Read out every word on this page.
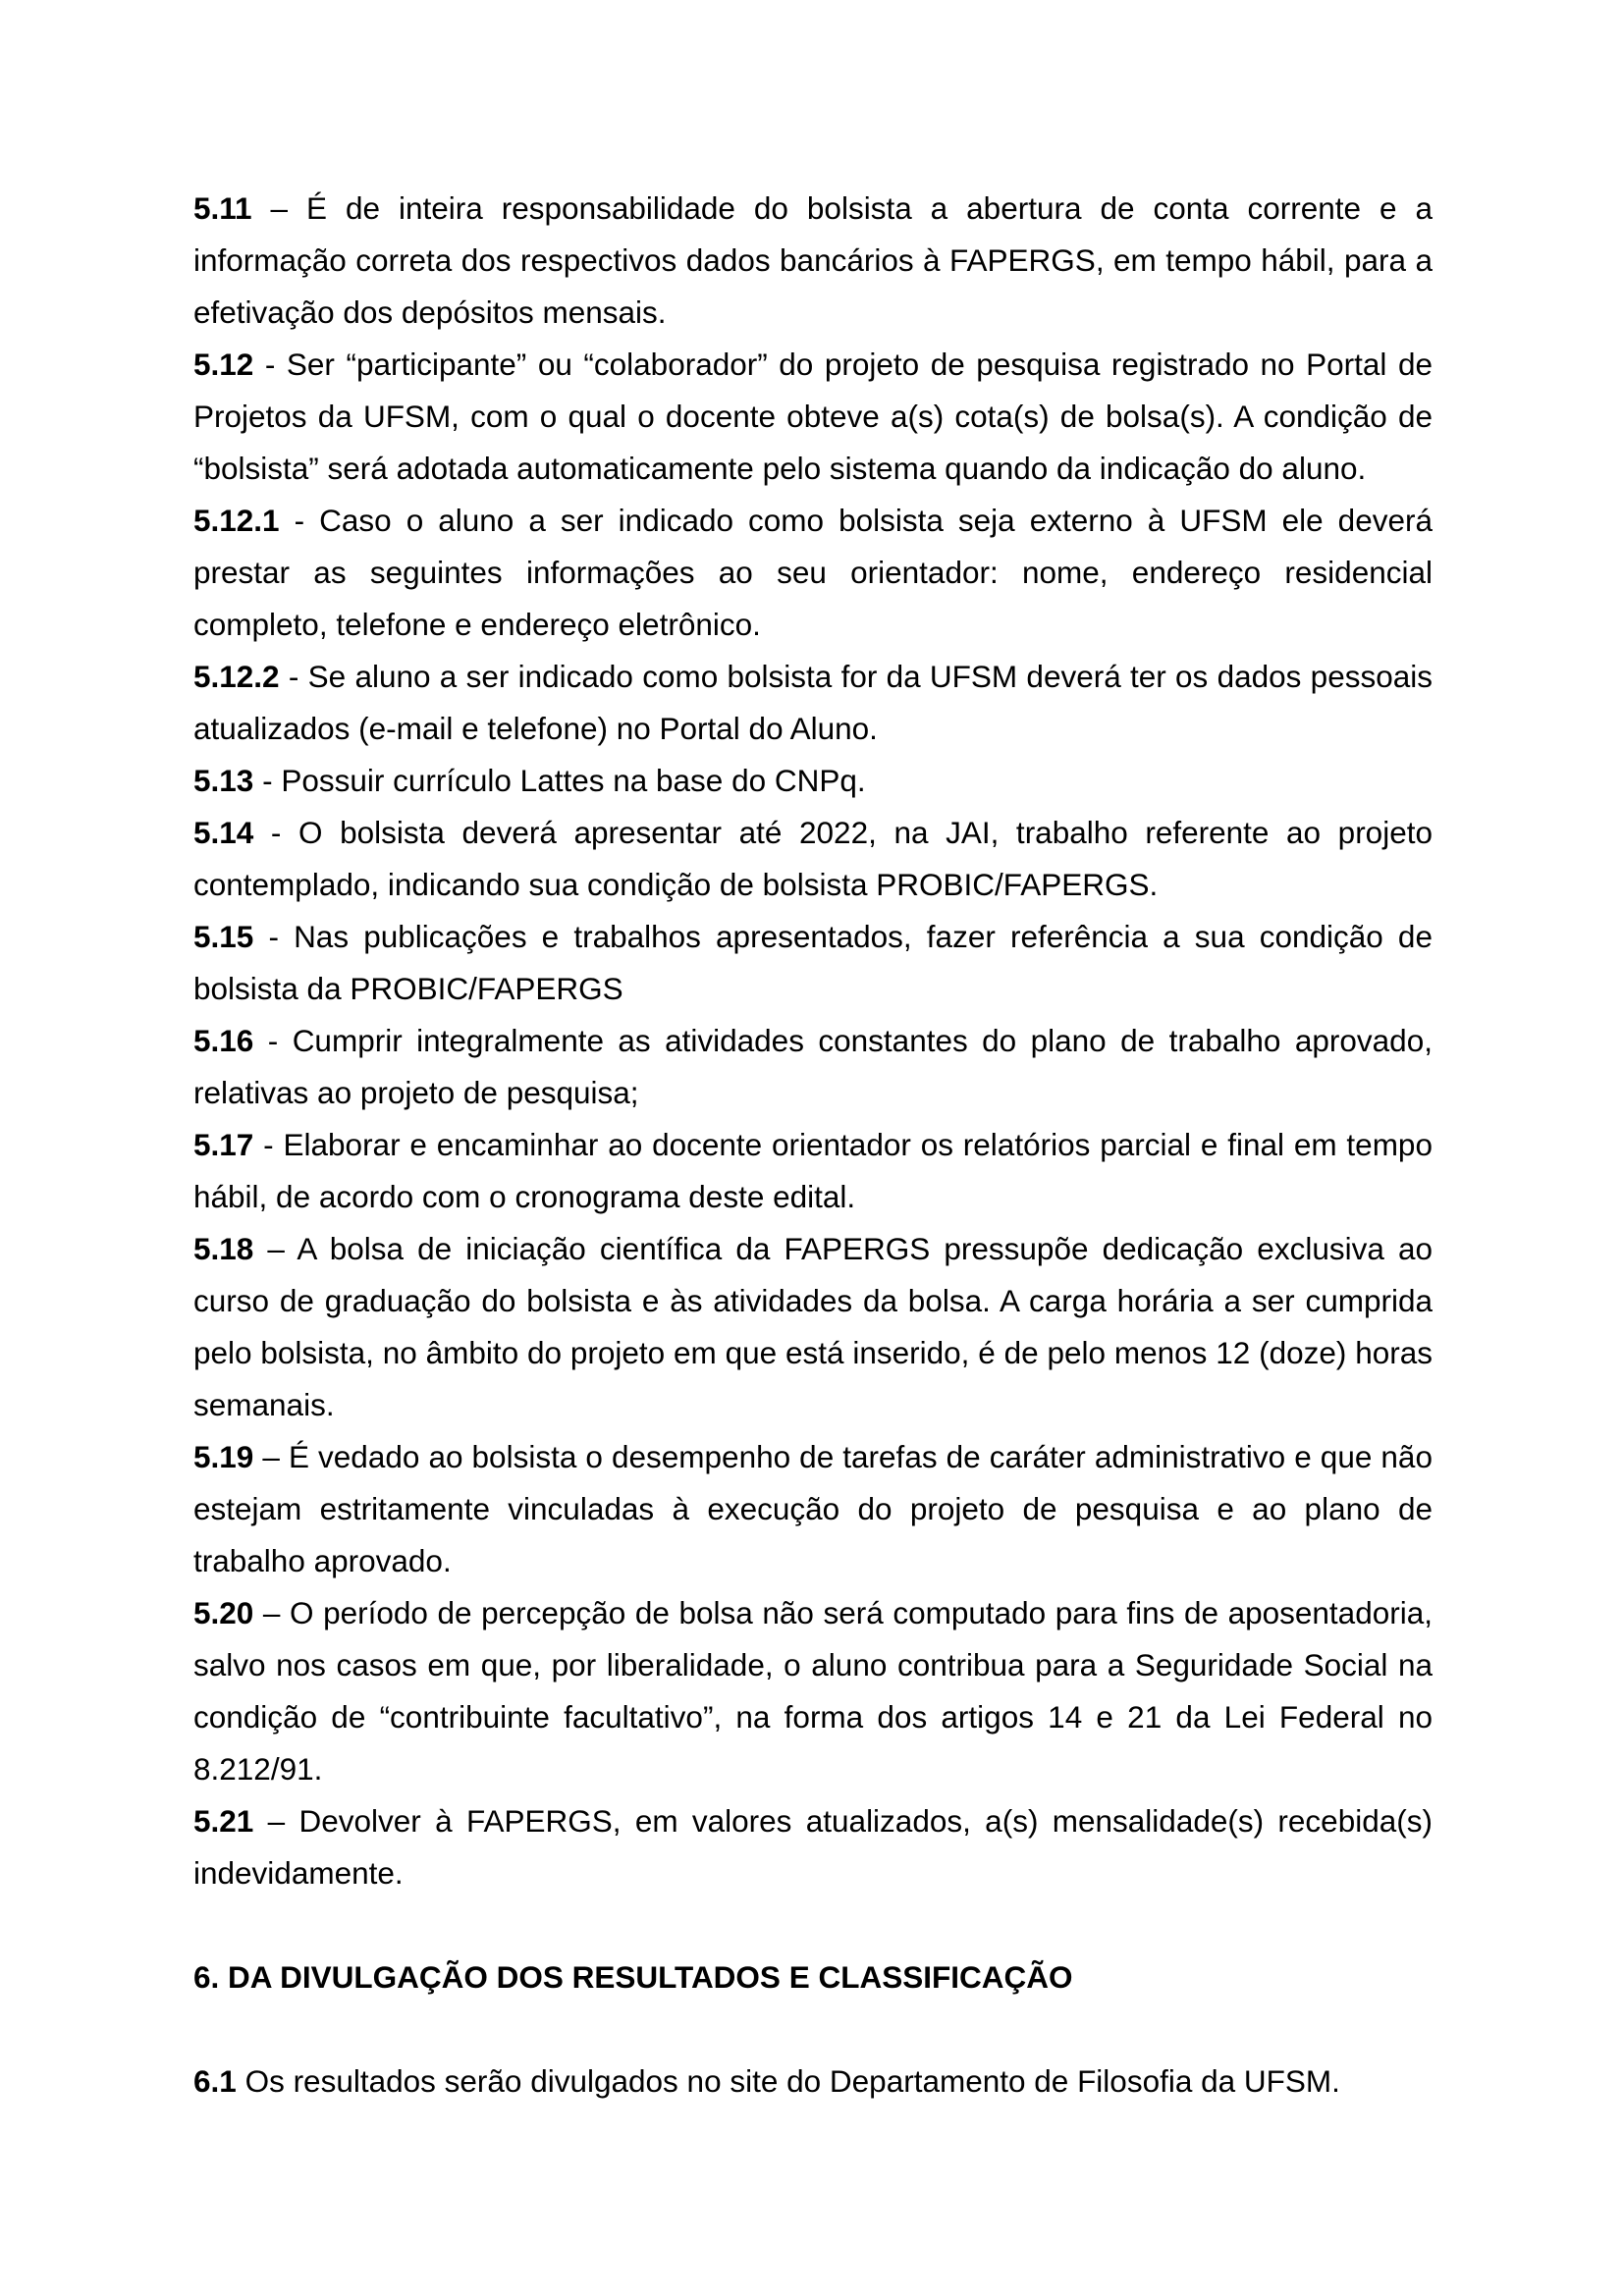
5.11 – É de inteira responsabilidade do bolsista a abertura de conta corrente e a informação correta dos respectivos dados bancários à FAPERGS, em tempo hábil, para a efetivação dos depósitos mensais.

5.12 - Ser “participante” ou “colaborador” do projeto de pesquisa registrado no Portal de Projetos da UFSM, com o qual o docente obteve a(s) cota(s) de bolsa(s). A condição de “bolsista” será adotada automaticamente pelo sistema quando da indicação do aluno.

5.12.1 - Caso o aluno a ser indicado como bolsista seja externo à UFSM ele deverá prestar as seguintes informações ao seu orientador: nome, endereço residencial completo, telefone e endereço eletrônico.

5.12.2 - Se aluno a ser indicado como bolsista for da UFSM deverá ter os dados pessoais atualizados (e-mail e telefone) no Portal do Aluno.

5.13 - Possuir currículo Lattes na base do CNPq.

5.14 - O bolsista deverá apresentar até 2022, na JAI, trabalho referente ao projeto contemplado, indicando sua condição de bolsista PROBIC/FAPERGS.

5.15 - Nas publicações e trabalhos apresentados, fazer referência a sua condição de bolsista da PROBIC/FAPERGS

5.16 - Cumprir integralmente as atividades constantes do plano de trabalho aprovado, relativas ao projeto de pesquisa;

5.17 - Elaborar e encaminhar ao docente orientador os relatórios parcial e final em tempo hábil, de acordo com o cronograma deste edital.

5.18 – A bolsa de iniciação científica da FAPERGS pressupõe dedicação exclusiva ao curso de graduação do bolsista e às atividades da bolsa. A carga horária a ser cumprida pelo bolsista, no âmbito do projeto em que está inserido, é de pelo menos 12 (doze) horas semanais.

5.19 – É vedado ao bolsista o desempenho de tarefas de caráter administrativo e que não estejam estritamente vinculadas à execução do projeto de pesquisa e ao plano de trabalho aprovado.

5.20 – O período de percepção de bolsa não será computado para fins de aposentadoria, salvo nos casos em que, por liberalidade, o aluno contribua para a Seguridade Social na condição de “contribuinte facultativo”, na forma dos artigos 14 e 21 da Lei Federal no 8.212/91.

5.21 – Devolver à FAPERGS, em valores atualizados, a(s) mensalidade(s) recebida(s) indevidamente.

6. DA DIVULGAÇÃO DOS RESULTADOS E CLASSIFICAÇÃO

6.1 Os resultados serão divulgados no site do Departamento de Filosofia da UFSM.
